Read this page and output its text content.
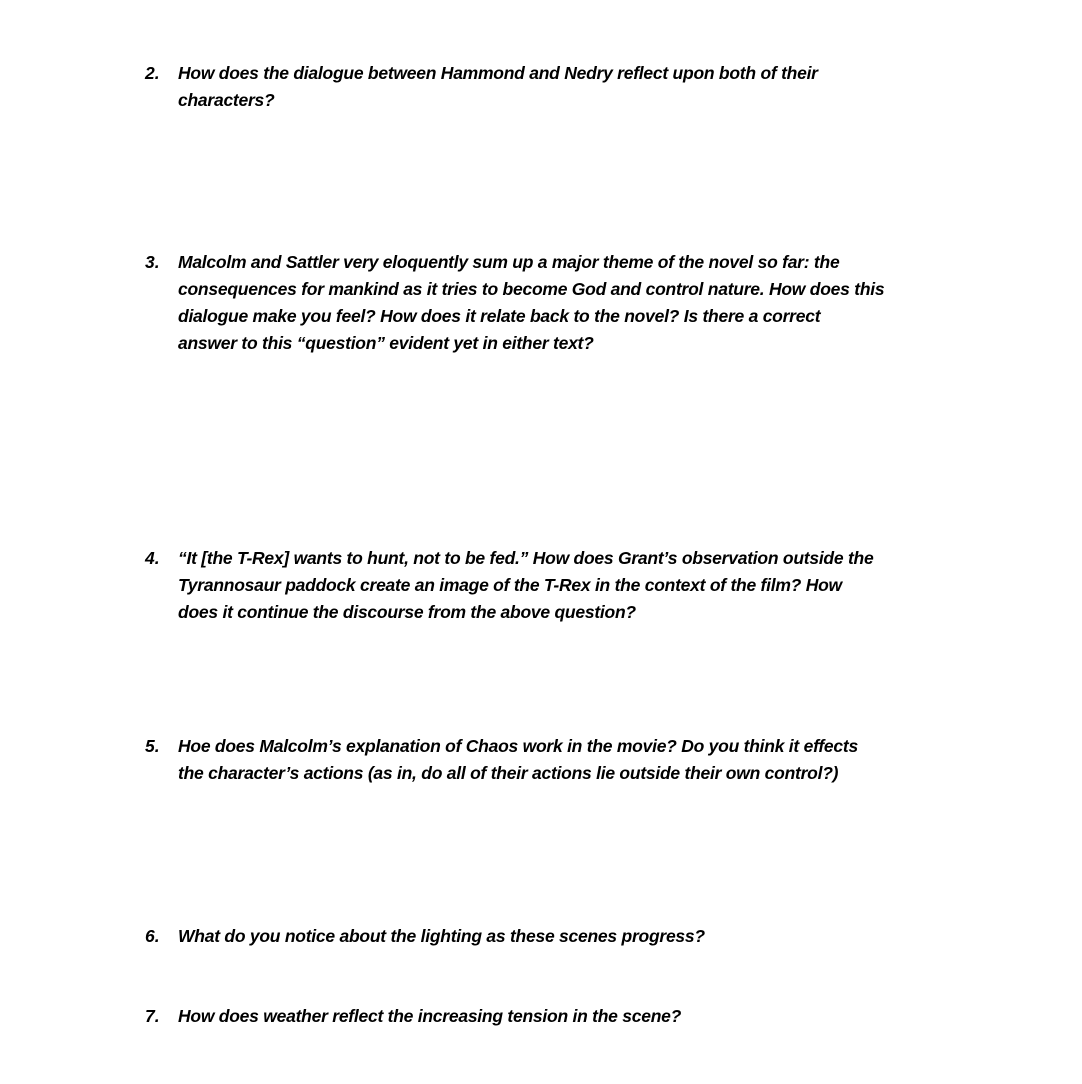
2. How does the dialogue between Hammond and Nedry reflect upon both of their
characters?
3. Malcolm and Sattler very eloquently sum up a major theme of the novel so far: the
consequences for mankind as it tries to become God and control nature. How does this
dialogue make you feel? How does it relate back to the novel? Is there a correct
answer to this “question” evident yet in either text?
4. “It [the T-Rex] wants to hunt, not to be fed.” How does Grant’s observation outside the
Tyrannosaur paddock create an image of the T-Rex in the context of the film? How
does it continue the discourse from the above question?
5. Hoe does Malcolm’s explanation of Chaos work in the movie? Do you think it effects
the character’s actions (as in, do all of their actions lie outside their own control?)
6. What do you notice about the lighting as these scenes progress?
7. How does weather reflect the increasing tension in the scene?
